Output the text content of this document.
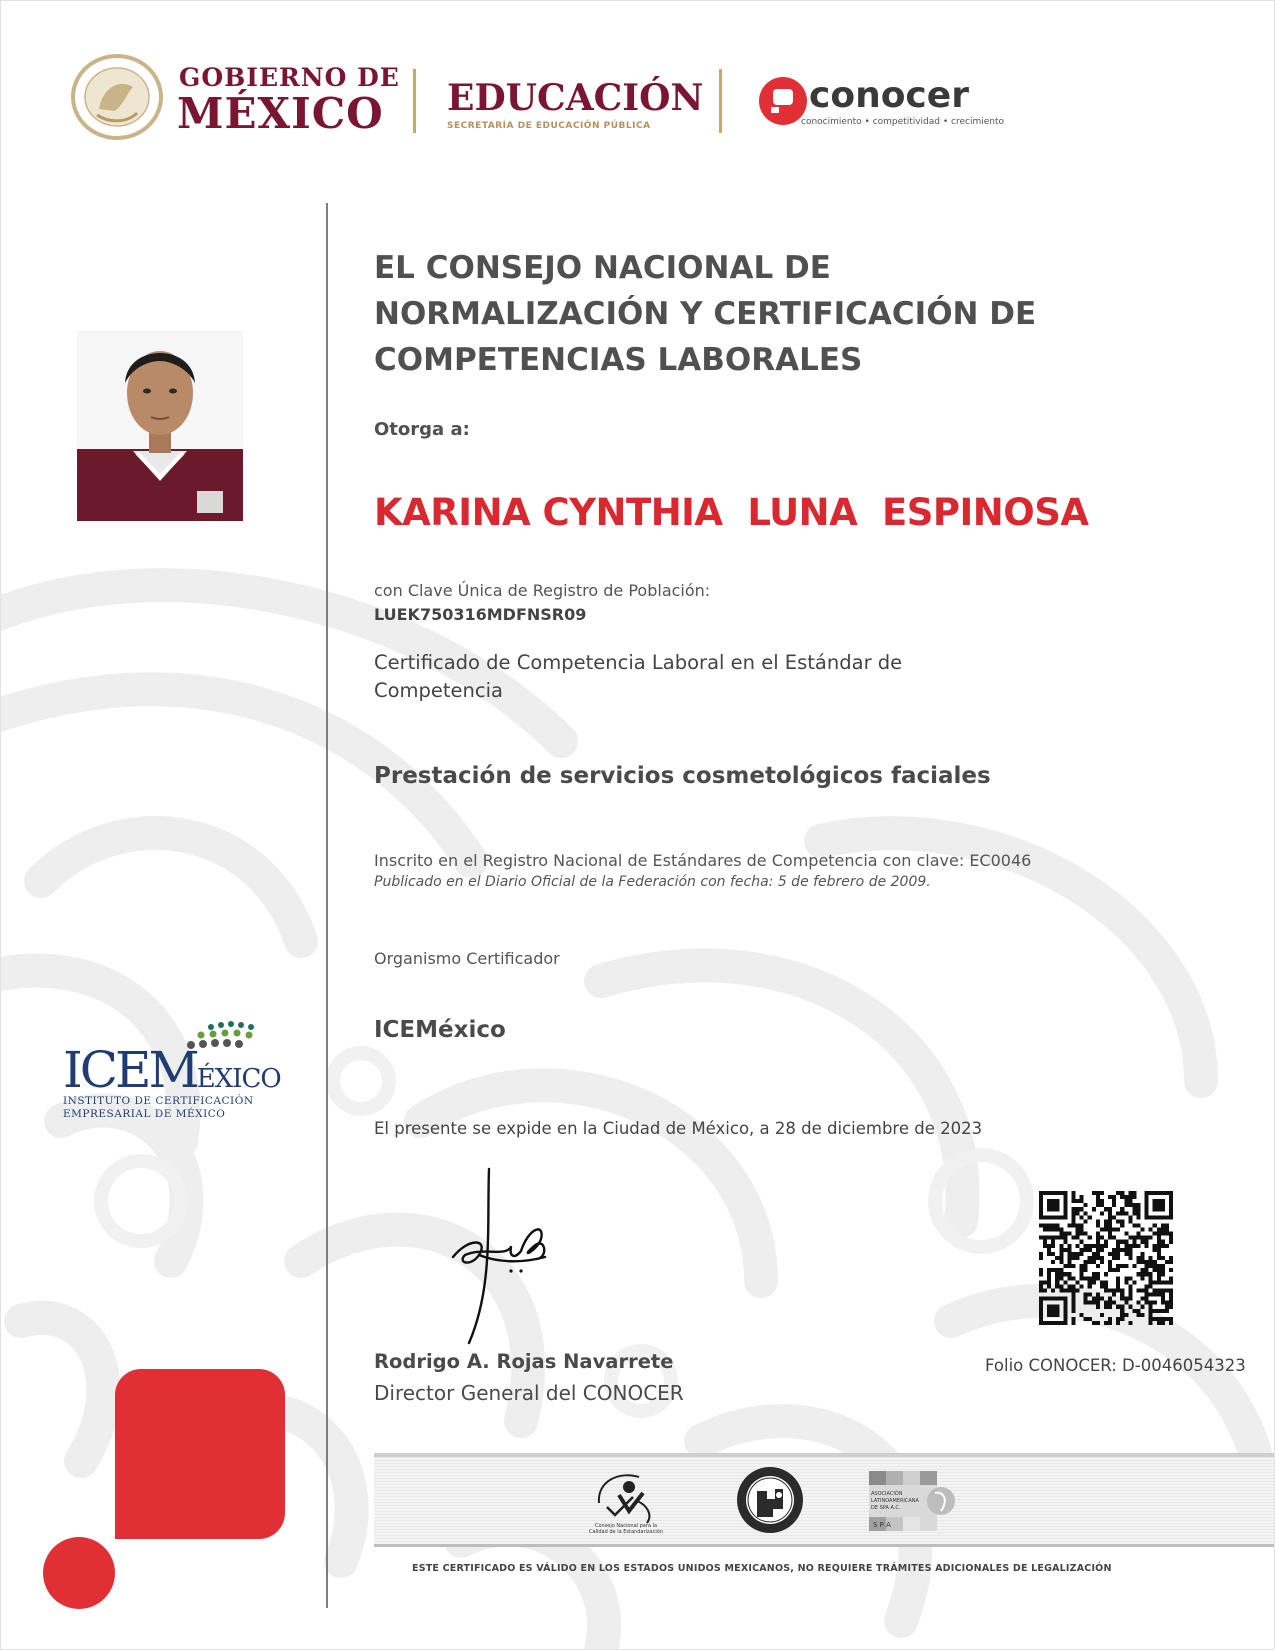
GOBIERNO DE
MÉXICO EDUCACIÓN
SECRETARÍA DE EDUCACIÓN PÚBLICA
conocer
conocimiento • competitividad • crecimiento
ICEMÉXICO
INSTITUTO DE CERTIFICACIÓN
EMPRESARIAL DE MÉXICO
EL CONSEJO NACIONAL DE NORMALIZACIÓN Y CERTIFICACIÓN DE COMPETENCIAS LABORALES
Otorga a:
KARINA CYNTHIA  LUNA  ESPINOSA
con Clave Única de Registro de Población:
LUEK750316MDFNSR09
Certificado de Competencia Laboral en el Estándar de Competencia
Prestación de servicios cosmetológicos faciales
Inscrito en el Registro Nacional de Estándares de Competencia con clave: EC0046
Publicado en el Diario Oficial de la Federación con fecha: 5 de febrero de 2009.
Organismo Certificador
ICEMéxico
El presente se expide en la Ciudad de México, a 28 de diciembre de 2023
Rodrigo A. Rojas Navarrete
Director General del CONOCER
Folio CONOCER: D-0046054323
Consejo Nacional para la
Calidad de la Estandarización
ASOCIACIÓN
LATINOAMERICANA
DE SPA A.C.
S P A
ESTE CERTIFICADO ES VÁLIDO EN LOS ESTADOS UNIDOS MEXICANOS, NO REQUIERE TRÁMITES ADICIONALES DE LEGALIZACIÓN
